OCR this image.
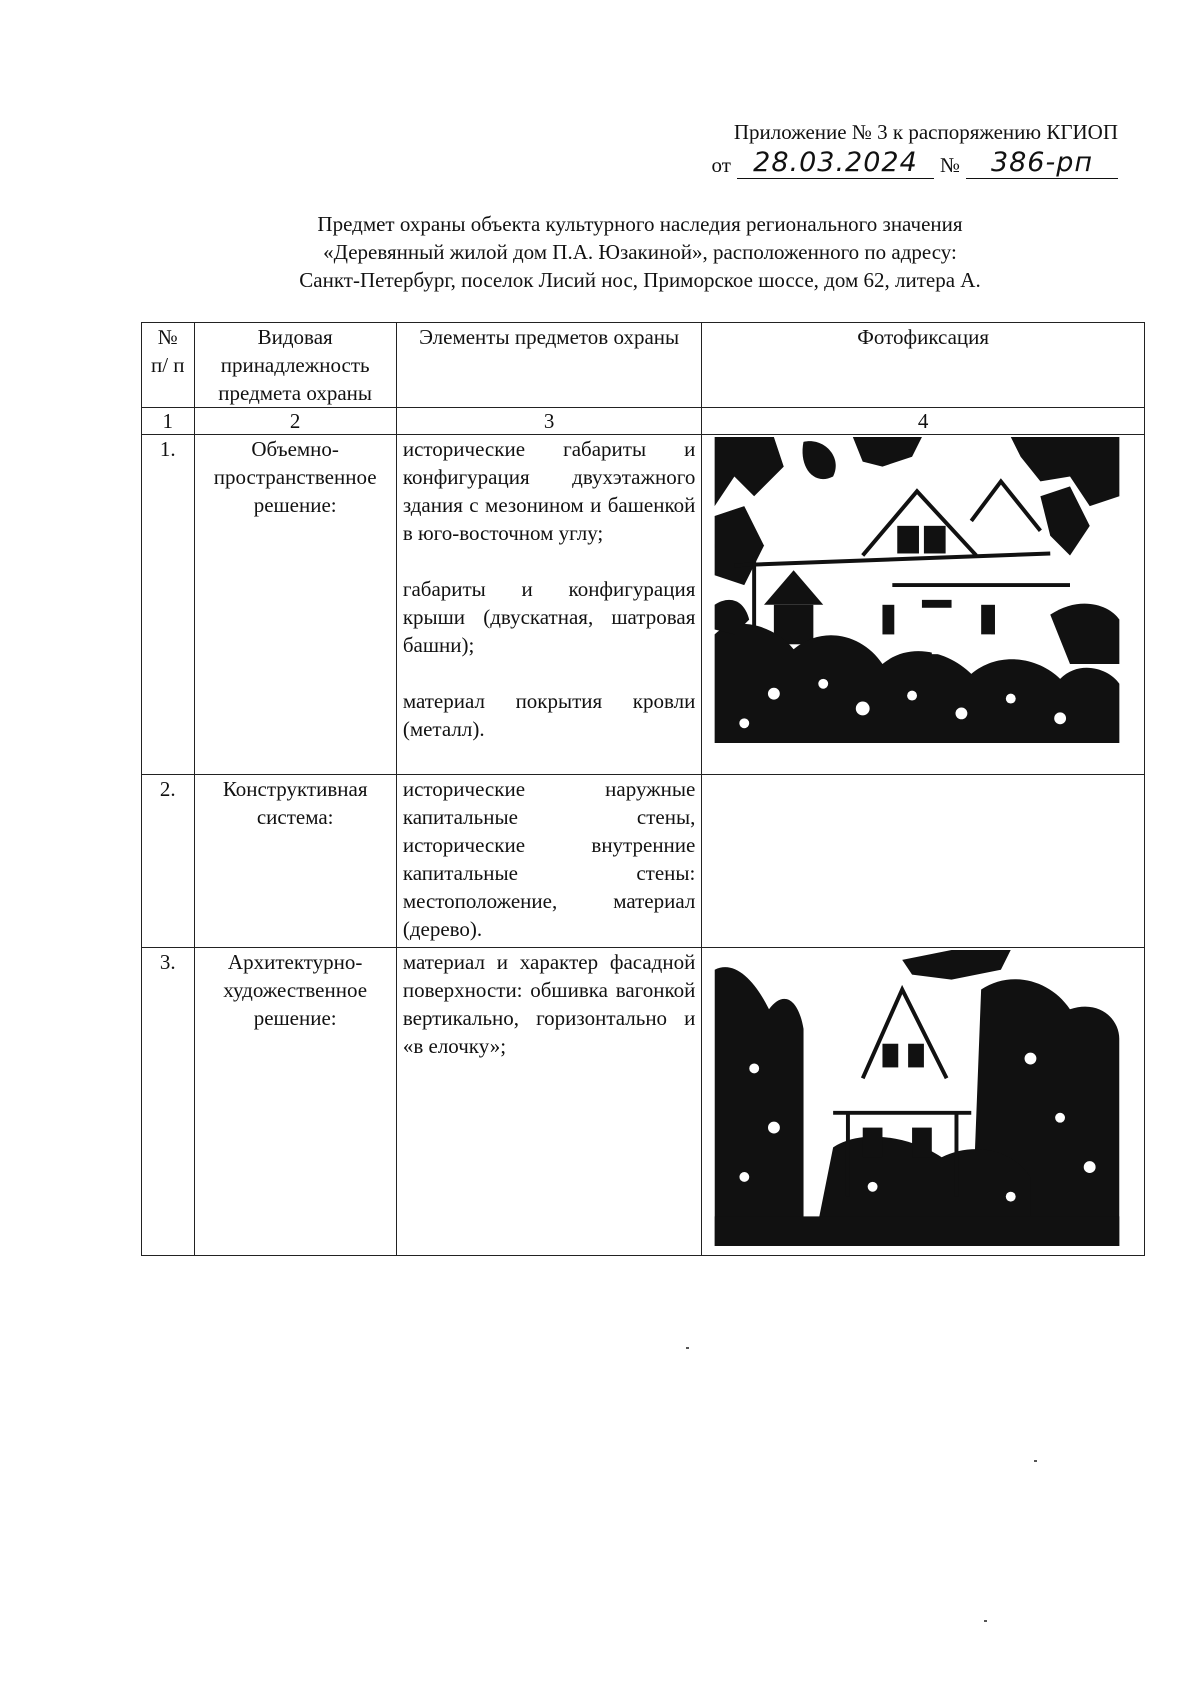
Приложение № 3 к распоряжению КГИОП
от 28.03.2024	№	386-рп
Предмет охраны объекта культурного наследия регионального значения
«Деревянный жилой дом П.А. Юзакиной», расположенного по адресу:
Санкт-Петербург, поселок Лисий нос, Приморское шоссе, дом 62, литера А.
№ п/ п	Видовая принадлежность предмета охраны	Элементы предметов охраны	Фотофиксация
1	2	3	4
1.	Объемно-пространственное решение:	исторические габариты и конфигурация двухэтажного здания с мезонином и башенкой в юго-восточном углу;

габариты и конфигурация крыши (двускатная, шатровая башни);

материал покрытия кровли (металл).

2.	Конструктивная система:	исторические наружные капитальные стены, исторические внутренние капитальные стены: местоположение, материал (дерево).	

3.	Архитектурно-художественное решение:	материал и характер фасадной поверхности: обшивка вагонкой вертикально, горизонтально и «в елочку»;
